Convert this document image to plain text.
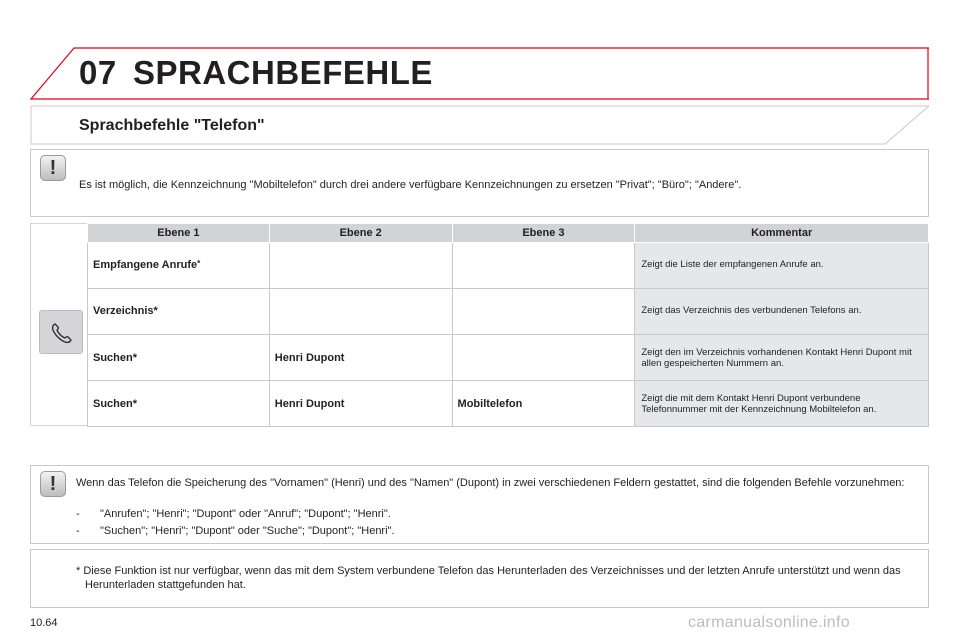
07 SPRACHBEFEHLE
Sprachbefehle "Telefon"
!
Es ist möglich, die Kennzeichnung "Mobiltelefon" durch drei andere verfügbare Kennzeichnungen zu ersetzen "Privat"; "Büro"; "Andere".
Ebene 1	Ebene 2	Ebene 3	Kommentar
Empfangene Anrufe*			Zeigt die Liste der empfangenen Anrufe an.
Verzeichnis*			Zeigt das Verzeichnis des verbundenen Telefons an.
Suchen*	Henri Dupont		Zeigt den im Verzeichnis vorhandenen Kontakt Henri Dupont mit allen gespeicherten Nummern an.
Suchen*	Henri Dupont	Mobiltelefon	Zeigt die mit dem Kontakt Henri Dupont verbundene Telefonnummer mit der Kennzeichnung Mobiltelefon an.
!	Wenn das Telefon die Speicherung des "Vornamen" (Henri) und des "Namen" (Dupont) in zwei verschiedenen Feldern gestattet, sind die folgenden Befehle vorzunehmen:
- "Anrufen"; "Henri"; "Dupont" oder "Anruf"; "Dupont"; "Henri".
- "Suchen"; "Henri"; "Dupont" oder "Suche"; "Dupont"; "Henri".
* Diese Funktion ist nur verfügbar, wenn das mit dem System verbundene Telefon das Herunterladen des Verzeichnisses und der letzten Anrufe unterstützt und wenn das Herunterladen stattgefunden hat.
10.64	carmanualsonline.info
